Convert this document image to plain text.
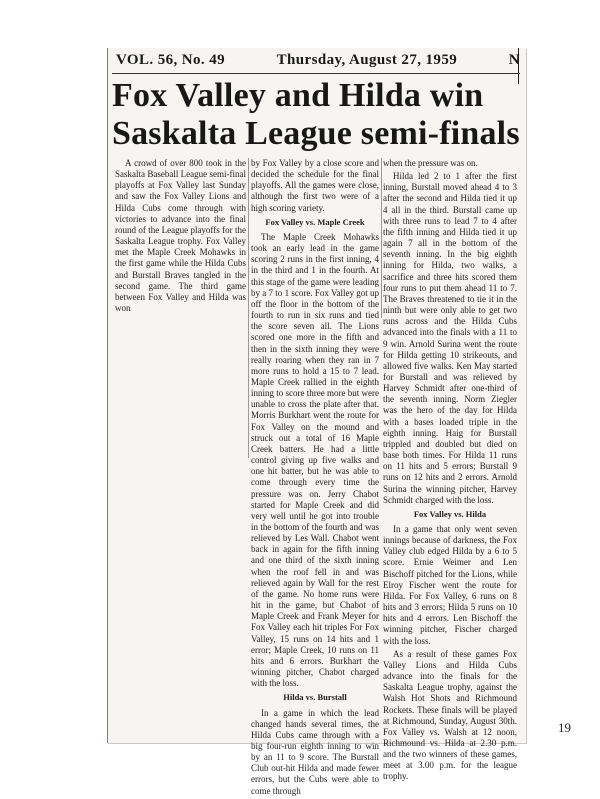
VOL. 56, No. 49	Thursday, August 27, 1959	N
Fox Valley and Hilda win
Saskalta League semi-finals

A crowd of over 800 took in the Saskalta Baseball League semi-final playoffs at Fox Valley last Sunday and saw the Fox Valley Lions and Hilda Cubs come through with victories to advance into the final round of the League playoffs for the Saskalta League trophy. Fox Valley met the Maple Creek Mohawks in the first game while the Hilda Cubs and Burstall Braves tangled in the second game. The third game between Fox Valley and Hilda was won

by Fox Valley by a close score and decided the schedule for the final playoffs. All the games were close, although the first two were of a high scoring variety.

Fox Valley vs. Maple Creek

The Maple Creek Mohawks took an early lead in the game scoring 2 runs in the first inning, 4 in the third and 1 in the fourth. At this stage of the game were leading by a 7 to 1 score. Fox Valley got up off the floor in the bottom of the fourth to run in six runs and tied the score seven all. The Lions scored one more in the fifth and then in the sixth inning they were really roaring when they ran in 7 more runs to hold a 15 to 7 lead. Maple Creek rallied in the eighth inning to score three more but were unable to cross the plate after that. Morris Burkhart went the route for Fox Valley on the mound and struck out a total of 16 Maple Creek batters. He had a little control giving up five walks and one hit batter, but he was able to come through every time the pressure was on. Jerry Chabot started for Maple Creek and did very well until he got into trouble in the bottom of the fourth and was relieved by Les Wall. Chabot went back in again for the fifth inning and one third of the sixth inning when the roof fell in and was relieved again by Wall for the rest of the game. No home runs were hit in the game, but Chabot of Maple Creek and Frank Meyer for Fox Valley each hit triples For Fox Valley, 15 runs on 14 hits and 1 error; Maple Creek, 10 runs on 11 hits and 6 errors. Burkhart the winning pitcher, Chabot charged with the loss.

Hilda vs. Burstall

In a game in which the lead changed hands several times, the Hilda Cubs came through with a big four-run eighth inning to win by an 11 to 9 score. The Burstall Club out-hit Hilda and made fewer errors, but the Cubs were able to come through

when the pressure was on.

Hilda led 2 to 1 after the first inning, Burstall moved ahead 4 to 3 after the second and Hilda tied it up 4 all in the third. Burstall came up with three runs to lead 7 to 4 after the fifth inning and Hilda tied it up again 7 all in the bottom of the seventh inning. In the big eighth inning for Hilda, two walks, a sacrifice and three hits scored them four runs to put them ahead 11 to 7. The Braves threatened to tie it in the ninth but were only able to get two runs across and the Hilda Cubs advanced into the finals with a 11 to 9 win. Arnold Surina went the route for Hilda getting 10 strikeouts, and allowed five walks. Ken May started for Burstall and was relieved by Harvey Schmidt after one-third of the seventh inning. Norm Ziegler was the hero of the day for Hilda with a bases loaded triple in the eighth inning. Haig for Burstall trippled and doubled but died on base both times. For Hilda 11 runs on 11 hits and 5 errors; Burstall 9 runs on 12 hits and 2 errors. Arnold Surina the winning pitcher, Harvey Schmidt charged with the loss.

Fox Valley vs. Hilda

In a game that only went seven innings because of darkness, the Fox Valley club edged Hilda by a 6 to 5 score. Ernie Weimer and Len Bischoff pitched for the Lions, while Elroy Fischer went the route for Hilda. For Fox Valley, 6 runs on 8 hits and 3 errors; Hilda 5 runs on 10 hits and 4 errors. Len Bischoff the winning pitcher, Fischer charged with the loss.

As a result of these games Fox Valley Lions and Hilda Cubs advance into the finals for the Saskalta League trophy, against the Walsh Hot Shots and Richmound Rockets. These finals will be played at Richmound, Sunday, August 30th. Fox Valley vs. Walsh at 12 noon, Richmound vs. Hilda at 2.30 p.m. and the two winners of these games, meet at 3.00 p.m. for the league trophy.

19
